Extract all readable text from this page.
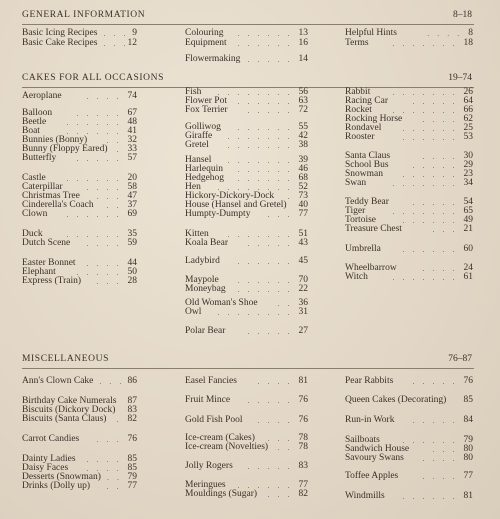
GENERAL INFORMATION	8–18
Basic Icing Recipes . . . 9
Basic Cake Recipes . . . 12
Colouring	. . . . . . 13
Equipment	. . . . . . 16
Flowermaking . . . . . 14
Helpful Hints	. . . . 8
Terms	. . . . . . . 18
CAKES FOR ALL OCCASIONS	19–74
Aeroplane	. . . . 74
Balloon	. . . . . 67
Beetle	. . . . . . 48
Boat	. . . . . . 41
Bunnies (Bonny)	. . 32
Bunny (Floppy Eared)	. 33
Butterfly	. . . . . 57
Castle	. . . . . . 20
Caterpillar	. . . . 58
Christmas Tree	. . . 47
Cinderella's Coach	. . 37
Clown	. . . . . . 69
Duck	. . . . . . 35
Dutch Scene	. . . . 59
Easter Bonnet	. . . . 44
Elephant	. . . . . 50
Express (Train)	. . . 28
Fish	. . . . . . . . 56
Flower Pot	. . . . . . 63
Fox Terrier	. . . . . 72
Golliwog	. . . . . . 55
Giraffe	. . . . . . . 42
Gretel	. . . . . . . 38
Hansel	. . . . . . . 39
Harlequin	. . . . . . 46
Hedgehog	. . . . . . 68
Hen	. . . . . . . . 52
Hickory-Dickory-Dock	. 73
House (Hansel and Gretel) 40
Humpty-Dumpty	. . . 77
Kitten	. . . . . . . 51
Koala Bear	. . . . . 43
Ladybird	. . . . . . 45
Maypole	. . . . . . 70
Moneybag	. . . . . . 22
Old Woman's Shoe	. . 36
Owl	. . . . . . . . 31
Polar Bear	. . . . . 27
Rabbit	. . . . . . . 26
Racing Car	. . . . . 64
Rocket	. . . . . . . 66
Rocking Horse	. . . . 62
Rondavel	. . . . . . 25
Rooster	. . . . . . 53
Santa Claus	. . . . 30
School Bus	. . . . . 29
Snowman	. . . . . . 23
Swan	. . . . . . . 34
Teddy Bear	. . . . . 54
Tiger	. . . . . . . 65
Tortoise	. . . . . . 49
Treasure Chest	. . . 21
Umbrella	. . . . . . 60
Wheelbarrow	. . . . 24
Witch	. . . . . . . 61
MISCELLANEOUS	76–87
Ann's Clown Cake . . . 86
Birthday Cake Numerals 87
Biscuits (Dickory Dock) 83
Biscuits (Santa Claus)	. 82
Carrot Candies	. . . 76
Dainty Ladies	. . . . 85
Daisy Faces	. . . . 85
Desserts (Snowman) . . 79
Drinks (Dolly up)	. . 77
Easel Fancies	. . . . 81
Fruit Mince	. . . . . 76
Gold Fish Pool	. . . . 76
Ice-cream (Cakes)	. . . 78
Ice-cream (Novelties)	. . 78
Jolly Rogers	. . . . . 83
Meringues	. . . . . . 77
Mouldings (Sugar)	. . . 82
Pear Rabbits	. . . . . 76
Queen Cakes (Decorating) 85
Run-in Work	. . . . . 84
Sailboats	. . . . . . 79
Sandwich House	. . . 80
Savoury Swans	. . . . 80
Toffee Apples	. . . . 77
Windmills	. . . . . . 81
